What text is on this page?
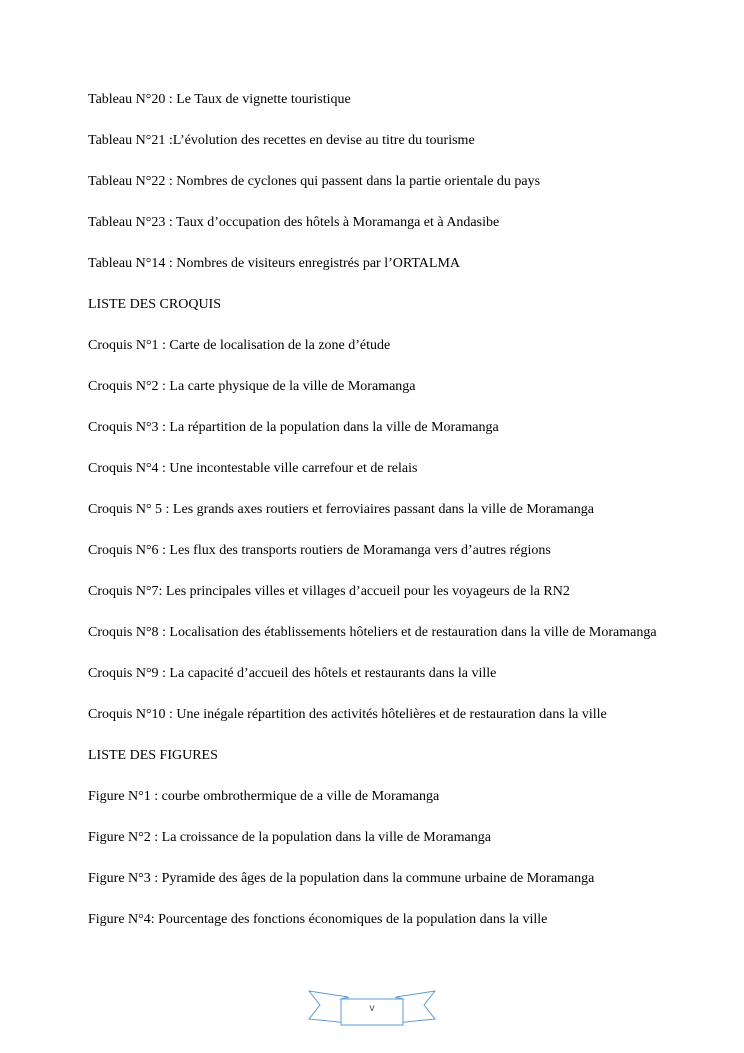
Tableau N°20 : Le Taux de vignette touristique

Tableau N°21 :L’évolution des recettes en devise au titre du tourisme

Tableau N°22 : Nombres de cyclones qui passent dans la partie orientale du pays

Tableau N°23 : Taux d’occupation des hôtels à Moramanga et à Andasibe

Tableau N°14 : Nombres de visiteurs enregistrés par l’ORTALMA

LISTE DES CROQUIS

Croquis N°1 : Carte de localisation de la zone d’étude

Croquis N°2 : La carte physique de la ville de Moramanga

Croquis N°3 : La répartition de la population dans la ville de Moramanga

Croquis N°4 : Une incontestable ville carrefour et de relais

Croquis N° 5 : Les grands axes routiers et ferroviaires passant dans la ville de Moramanga

Croquis N°6 : Les flux des transports routiers de Moramanga vers d’autres régions

Croquis N°7: Les principales villes et villages d’accueil pour les voyageurs de la RN2

Croquis N°8 : Localisation des établissements hôteliers et de restauration dans la ville de Moramanga

Croquis N°9 : La capacité d’accueil des hôtels et restaurants dans la ville

Croquis N°10 : Une inégale répartition des activités hôtelières et de restauration dans la ville

LISTE DES FIGURES

Figure N°1 : courbe ombrothermique de a ville de Moramanga

Figure N°2 : La croissance de la population dans la ville de Moramanga

Figure N°3 : Pyramide des âges de la population dans la commune urbaine de Moramanga

Figure N°4: Pourcentage des fonctions économiques de la population dans la ville

v
